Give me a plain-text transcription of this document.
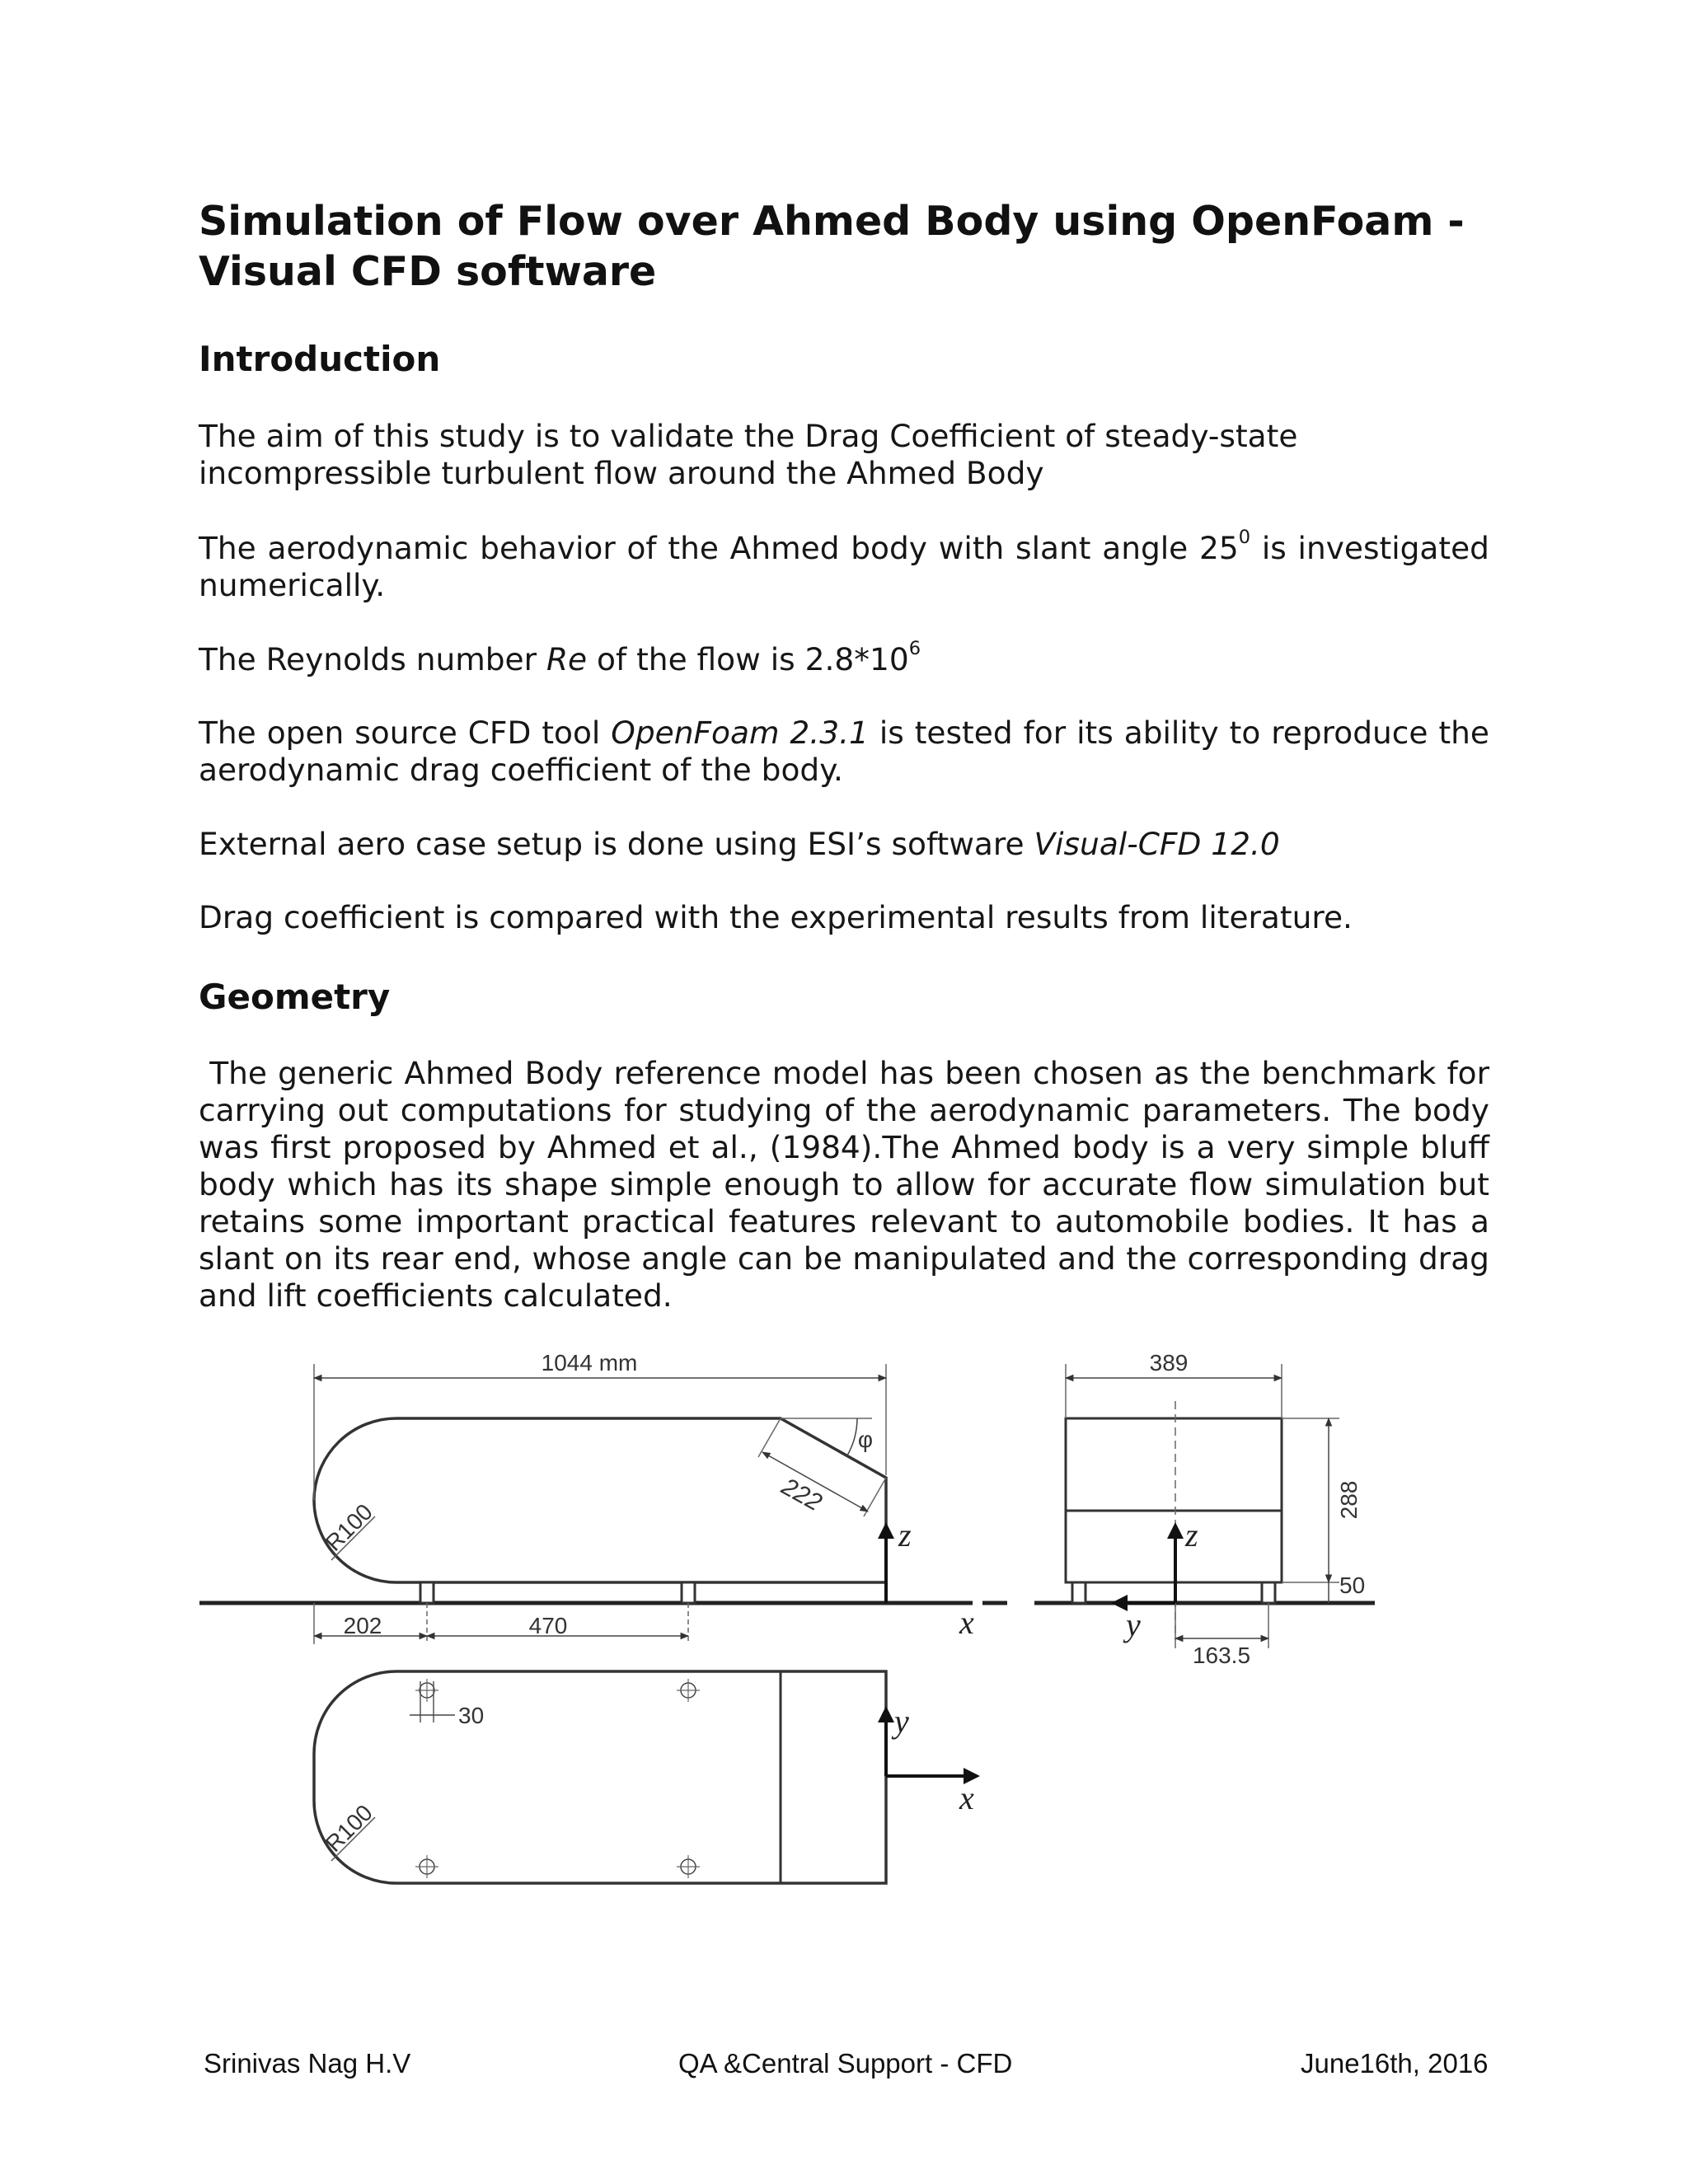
Simulation of Flow over Ahmed Body using OpenFoam - Visual CFD software
Introduction

The aim of this study is to validate the Drag Coefficient of steady-state incompressible turbulent flow around the Ahmed Body

The aerodynamic behavior of the Ahmed body with slant angle $25^0$ is investigated numerically.

The Reynolds number Re of the flow is $2.8*10^6$

The open source CFD tool OpenFoam 2.3.1 is tested for its ability to reproduce the aerodynamic drag coefficient of the body.

External aero case setup is done using ESI’s software Visual-CFD 12.0

Drag coefficient is compared with the experimental results from literature.

Geometry

The generic Ahmed Body reference model has been chosen as the benchmark for carrying out computations for studying of the aerodynamic parameters. The body was first proposed by Ahmed et al., (1984).The Ahmed body is a very simple bluff body which has its shape simple enough to allow for accurate flow simulation but retains some important practical features relevant to automobile bodies. It has a slant on its rear end, whose angle can be manipulated and the corresponding drag and lift coefficients calculated.

1044 mm
222
φ
R100
202	470
z
x
389
288
50
163.5
z
y
30
R100
y
x
Srinivas Nag H.V	QA &Central Support - CFD	June16th, 2016
